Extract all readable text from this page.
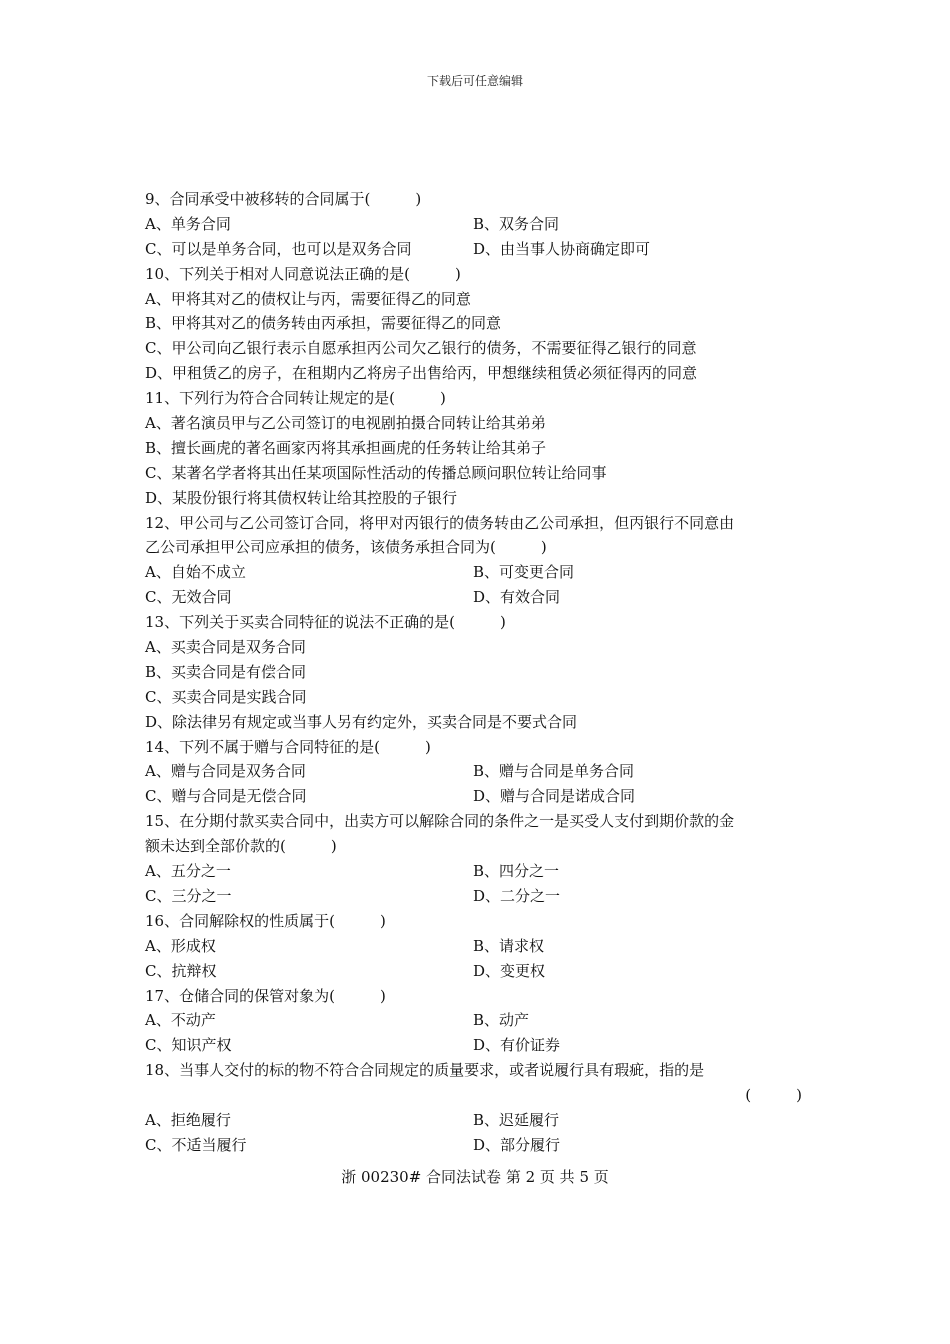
下载后可任意编辑
9、合同承受中被移转的合同属于(　　　)
A、单务合同	B、双务合同
C、可以是单务合同，也可以是双务合同	D、由当事人协商确定即可
10、下列关于相对人同意说法正确的是(　　　)
A、甲将其对乙的债权让与丙，需要征得乙的同意
B、甲将其对乙的债务转由丙承担，需要征得乙的同意
C、甲公司向乙银行表示自愿承担丙公司欠乙银行的债务，不需要征得乙银行的同意
D、甲租赁乙的房子，在租期内乙将房子出售给丙，甲想继续租赁必须征得丙的同意
11、下列行为符合合同转让规定的是(　　　)
A、著名演员甲与乙公司签订的电视剧拍摄合同转让给其弟弟
B、擅长画虎的著名画家丙将其承担画虎的任务转让给其弟子
C、某著名学者将其出任某项国际性活动的传播总顾问职位转让给同事
D、某股份银行将其债权转让给其控股的子银行
12、甲公司与乙公司签订合同，将甲对丙银行的债务转由乙公司承担，但丙银行不同意由
乙公司承担甲公司应承担的债务，该债务承担合同为(　　　)
A、自始不成立	B、可变更合同
C、无效合同	D、有效合同
13、下列关于买卖合同特征的说法不正确的是(　　　)
A、买卖合同是双务合同
B、买卖合同是有偿合同
C、买卖合同是实践合同
D、除法律另有规定或当事人另有约定外，买卖合同是不要式合同
14、下列不属于赠与合同特征的是(　　　)
A、赠与合同是双务合同	B、赠与合同是单务合同
C、赠与合同是无偿合同	D、赠与合同是诺成合同
15、在分期付款买卖合同中，出卖方可以解除合同的条件之一是买受人支付到期价款的金
额未达到全部价款的(　　　)
A、五分之一	B、四分之一
C、三分之一	D、二分之一
16、合同解除权的性质属于(　　　)
A、形成权	B、请求权
C、抗辩权	D、变更权
17、仓储合同的保管对象为(　　　)
A、不动产	B、动产
C、知识产权	D、有价证券
18、当事人交付的标的物不符合合同规定的质量要求，或者说履行具有瑕疵，指的是
(　　　)
A、拒绝履行	B、迟延履行
C、不适当履行	D、部分履行
浙 00230# 合同法试卷 第 2 页 共 5 页
